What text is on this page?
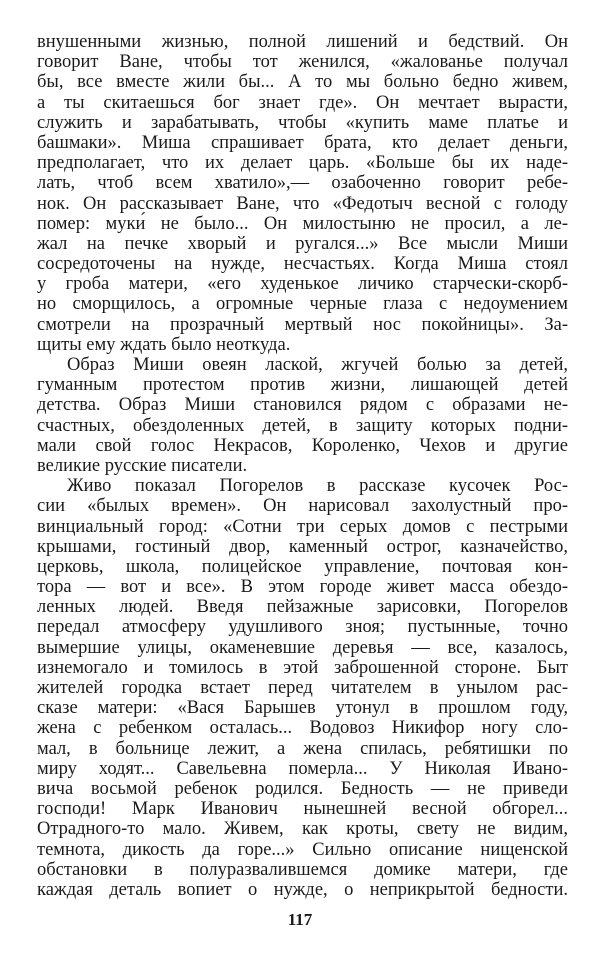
внушенными жизнью, полной лишений и бедствий. Он
говорит Ване, чтобы тот женился, «жалованье получал
бы, все вместе жили бы... А то мы больно бедно живем,
а ты скитаешься бог знает где». Он мечтает вырасти,
служить и зарабатывать, чтобы «купить маме платье и
башмаки». Миша спрашивает брата, кто делает деньги,
предполагает, что их делает царь. «Больше бы их наде-
лать, чтоб всем хватило»,— озабоченно говорит ребе-
нок. Он рассказывает Ване, что «Федотыч весной с голоду
помер: муки́ не было... Он милостыню не просил, а ле-
жал на печке хворый и ругался...» Все мысли Миши
сосредоточены на нужде, несчастьях. Когда Миша стоял
у гроба матери, «его худенькое личико старчески-скорб-
но сморщилось, а огромные черные глаза с недоумением
смотрели на прозрачный мертвый нос покойницы». За-
щиты ему ждать было неоткуда.
Образ Миши овеян лаской, жгучей болью за детей,
гуманным протестом против жизни, лишающей детей
детства. Образ Миши становился рядом с образами не-
счастных, обездоленных детей, в защиту которых подни-
мали свой голос Некрасов, Короленко, Чехов и другие
великие русские писатели.
Живо показал Погорелов в рассказе кусочек Рос-
сии «былых времен». Он нарисовал захолустный про-
винциальный город: «Сотни три серых домов с пестрыми
крышами, гостиный двор, каменный острог, казначейство,
церковь, школа, полицейское управление, почтовая кон-
тора — вот и все». В этом городе живет масса обездо-
ленных людей. Введя пейзажные зарисовки, Погорелов
передал атмосферу удушливого зноя; пустынные, точно
вымершие улицы, окаменевшие деревья — все, казалось,
изнемогало и томилось в этой заброшенной стороне. Быт
жителей городка встает перед читателем в унылом рас-
сказе матери: «Вася Барышев утонул в прошлом году,
жена с ребенком осталась... Водовоз Никифор ногу сло-
мал, в больнице лежит, а жена спилась, ребятишки по
миру ходят... Савельевна померла... У Николая Ивано-
вича восьмой ребенок родился. Бедность — не приведи
господи! Марк Иванович нынешней весной обгорел...
Отрадного-то мало. Живем, как кроты, свету не видим,
темнота, дикость да горе...» Сильно описание нищенской
обстановки в полуразвалившемся домике матери, где
каждая деталь вопиет о нужде, о неприкрытой бедности.
117
